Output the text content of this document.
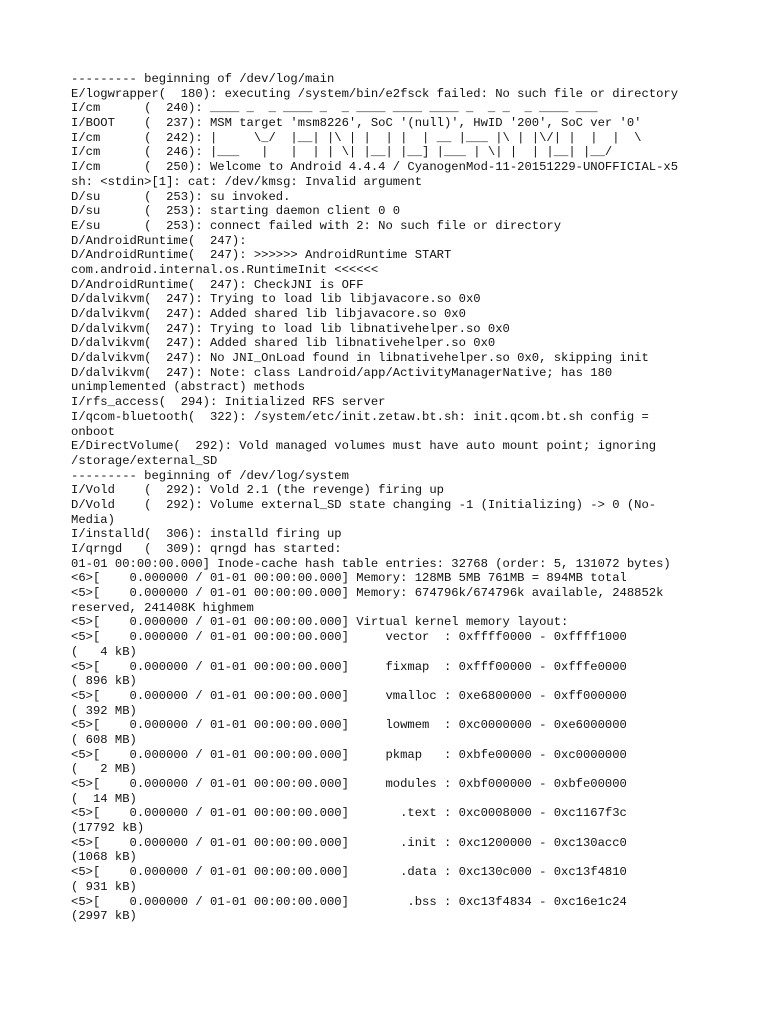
--------- beginning of /dev/log/main
E/logwrapper(  180): executing /system/bin/e2fsck failed: No such file or directory
I/cm      (  240): ____ _  _ ____ _  _ ____ ____ ____ _  _ _  _ ____ ___
I/BOOT    (  237): MSM target 'msm8226', SoC '(null)', HwID '200', SoC ver '0'
I/cm      (  242): |     \_/  |__| |\ | |  | |  | __ |___ |\ | |\/| |  |  |  \
I/cm      (  246): |___   |   |  | | \| |__| |__] |___ | \| |  | |__| |__/
I/cm      (  250): Welcome to Android 4.4.4 / CyanogenMod-11-20151229-UNOFFICIAL-x5
sh: <stdin>[1]: cat: /dev/kmsg: Invalid argument
D/su      (  253): su invoked.
D/su      (  253): starting daemon client 0 0
E/su      (  253): connect failed with 2: No such file or directory
D/AndroidRuntime(  247):
D/AndroidRuntime(  247): >>>>>> AndroidRuntime START
com.android.internal.os.RuntimeInit <<<<<<
D/AndroidRuntime(  247): CheckJNI is OFF
D/dalvikvm(  247): Trying to load lib libjavacore.so 0x0
D/dalvikvm(  247): Added shared lib libjavacore.so 0x0
D/dalvikvm(  247): Trying to load lib libnativehelper.so 0x0
D/dalvikvm(  247): Added shared lib libnativehelper.so 0x0
D/dalvikvm(  247): No JNI_OnLoad found in libnativehelper.so 0x0, skipping init
D/dalvikvm(  247): Note: class Landroid/app/ActivityManagerNative; has 180
unimplemented (abstract) methods
I/rfs_access(  294): Initialized RFS server
I/qcom-bluetooth(  322): /system/etc/init.zetaw.bt.sh: init.qcom.bt.sh config =
onboot
E/DirectVolume(  292): Vold managed volumes must have auto mount point; ignoring
/storage/external_SD
--------- beginning of /dev/log/system
I/Vold    (  292): Vold 2.1 (the revenge) firing up
D/Vold    (  292): Volume external_SD state changing -1 (Initializing) -> 0 (No-
Media)
I/installd(  306): installd firing up
I/qrngd   (  309): qrngd has started:
01-01 00:00:00.000] Inode-cache hash table entries: 32768 (order: 5, 131072 bytes)
<6>[    0.000000 / 01-01 00:00:00.000] Memory: 128MB 5MB 761MB = 894MB total
<5>[    0.000000 / 01-01 00:00:00.000] Memory: 674796k/674796k available, 248852k
reserved, 241408K highmem
<5>[    0.000000 / 01-01 00:00:00.000] Virtual kernel memory layout:
<5>[    0.000000 / 01-01 00:00:00.000]     vector  : 0xffff0000 - 0xffff1000
(   4 kB)
<5>[    0.000000 / 01-01 00:00:00.000]     fixmap  : 0xfff00000 - 0xfffe0000
( 896 kB)
<5>[    0.000000 / 01-01 00:00:00.000]     vmalloc : 0xe6800000 - 0xff000000
( 392 MB)
<5>[    0.000000 / 01-01 00:00:00.000]     lowmem  : 0xc0000000 - 0xe6000000
( 608 MB)
<5>[    0.000000 / 01-01 00:00:00.000]     pkmap   : 0xbfe00000 - 0xc0000000
(   2 MB)
<5>[    0.000000 / 01-01 00:00:00.000]     modules : 0xbf000000 - 0xbfe00000
(  14 MB)
<5>[    0.000000 / 01-01 00:00:00.000]       .text : 0xc0008000 - 0xc1167f3c
(17792 kB)
<5>[    0.000000 / 01-01 00:00:00.000]       .init : 0xc1200000 - 0xc130acc0
(1068 kB)
<5>[    0.000000 / 01-01 00:00:00.000]       .data : 0xc130c000 - 0xc13f4810
( 931 kB)
<5>[    0.000000 / 01-01 00:00:00.000]        .bss : 0xc13f4834 - 0xc16e1c24
(2997 kB)
